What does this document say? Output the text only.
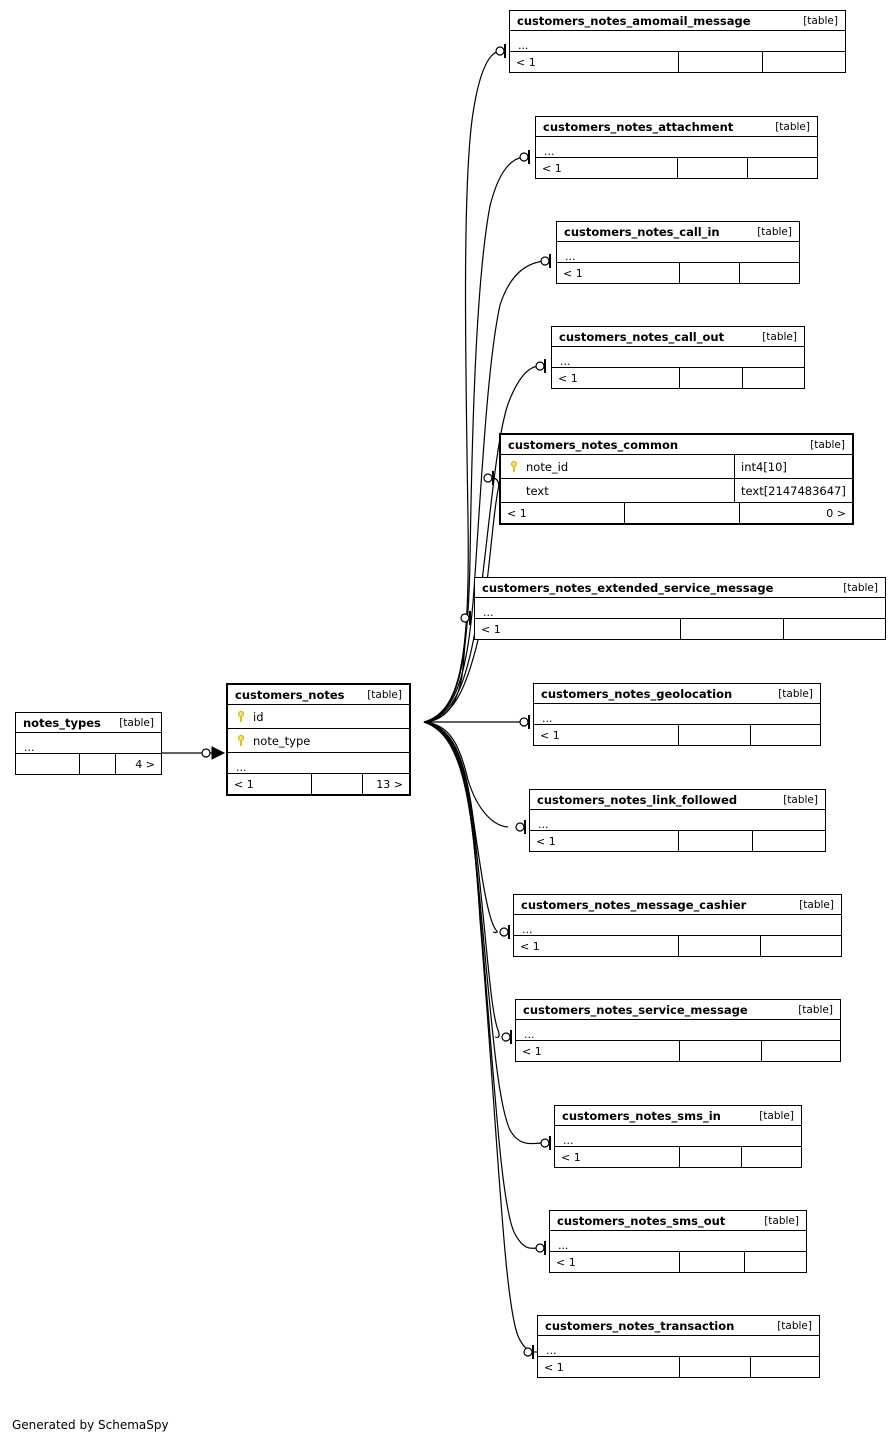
customers_notes_amomail_message	[table]
...
< 1
customers_notes_attachment	[table]
...
< 1
customers_notes_call_in	[table]
...
< 1
customers_notes_call_out	[table]
...
< 1
customers_notes_common	[table]
note_id	int4[10]
text	text[2147483647]
< 1	0 >
customers_notes_extended_service_message	[table]
...
< 1
customers_notes_geolocation	[table]
...
< 1
customers_notes_link_followed	[table]
...
< 1
customers_notes_message_cashier	[table]
...
< 1
customers_notes_service_message	[table]
...
< 1
customers_notes_sms_in	[table]
...
< 1
customers_notes_sms_out	[table]
...
< 1
customers_notes_transaction	[table]
...
< 1
customers_notes [table]
id
note_type
...
< 1	13 >
notes_types [table]
...
4 >
Generated by SchemaSpy
